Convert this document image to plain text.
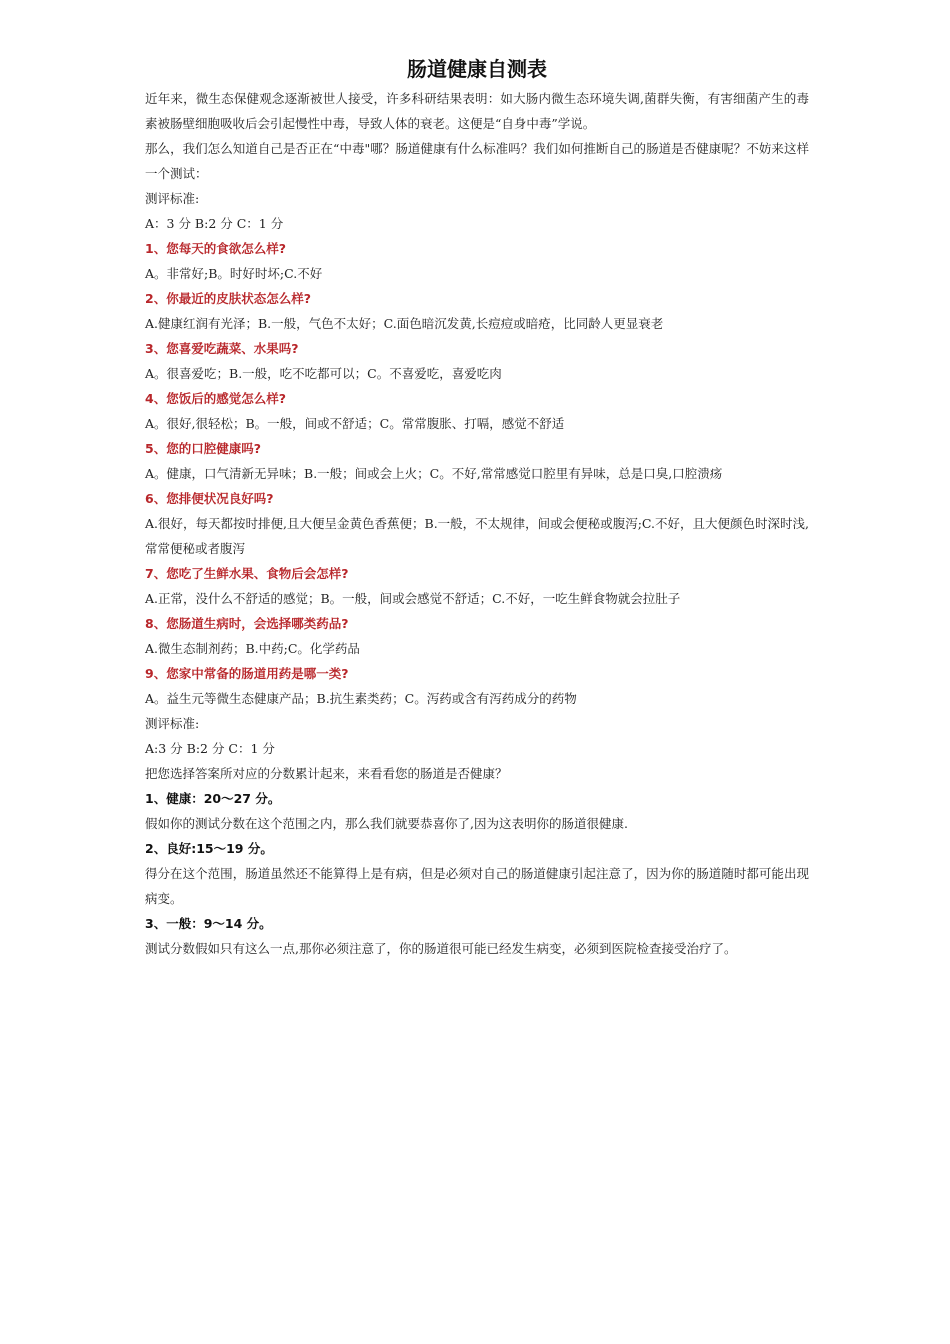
肠道健康自测表

近年来，微生态保健观念逐渐被世人接受，许多科研结果表明：如大肠内微生态环境失调,菌群失衡，有害细菌产生的毒素被肠壁细胞吸收后会引起慢性中毒，导致人体的衰老。这便是“自身中毒”学说。

那么，我们怎么知道自己是否正在“中毒"哪？肠道健康有什么标准吗？我们如何推断自己的肠道是否健康呢？不妨来这样一个测试：

测评标准:

A：3 分 B:2 分 C：1 分

1、您每天的食欲怎么样?

A。非常好;B。时好时坏;C.不好

2、你最近的皮肤状态怎么样?

A.健康红润有光泽；B.一般，气色不太好；C.面色暗沉发黄,长痘痘或暗疮，比同龄人更显衰老

3、您喜爱吃蔬菜、水果吗?

A。很喜爱吃；B.一般，吃不吃都可以；C。不喜爱吃，喜爱吃肉

4、您饭后的感觉怎么样?

A。很好,很轻松；B。一般，间或不舒适；C。常常腹胀、打嗝，感觉不舒适

5、您的口腔健康吗?

A。健康，口气清新无异味；B.一般；间或会上火；C。不好,常常感觉口腔里有异味，总是口臭,口腔溃疡

6、您排便状况良好吗?

A.很好，每天都按时排便,且大便呈金黄色香蕉便；B.一般，不太规律，间或会便秘或腹泻;C.不好，且大便颜色时深时浅,常常便秘或者腹泻

7、您吃了生鲜水果、食物后会怎样?

A.正常，没什么不舒适的感觉；B。一般，间或会感觉不舒适；C.不好，一吃生鲜食物就会拉肚子

8、您肠道生病时，会选择哪类药品?

A.微生态制剂药；B.中药;C。化学药品

9、您家中常备的肠道用药是哪一类?

A。益生元等微生态健康产品；B.抗生素类药；C。泻药或含有泻药成分的药物

测评标准:

A:3 分 B:2 分 C：1 分

把您选择答案所对应的分数累计起来，来看看您的肠道是否健康？

1、健康：20～27 分。

假如你的测试分数在这个范围之内，那么我们就要恭喜你了,因为这表明你的肠道很健康.

2、良好:15～19 分。

得分在这个范围，肠道虽然还不能算得上是有病，但是必须对自己的肠道健康引起注意了，因为你的肠道随时都可能出现病变。

3、一般：9～14 分。

测试分数假如只有这么一点,那你必须注意了，你的肠道很可能已经发生病变，必须到医院检查接受治疗了。
